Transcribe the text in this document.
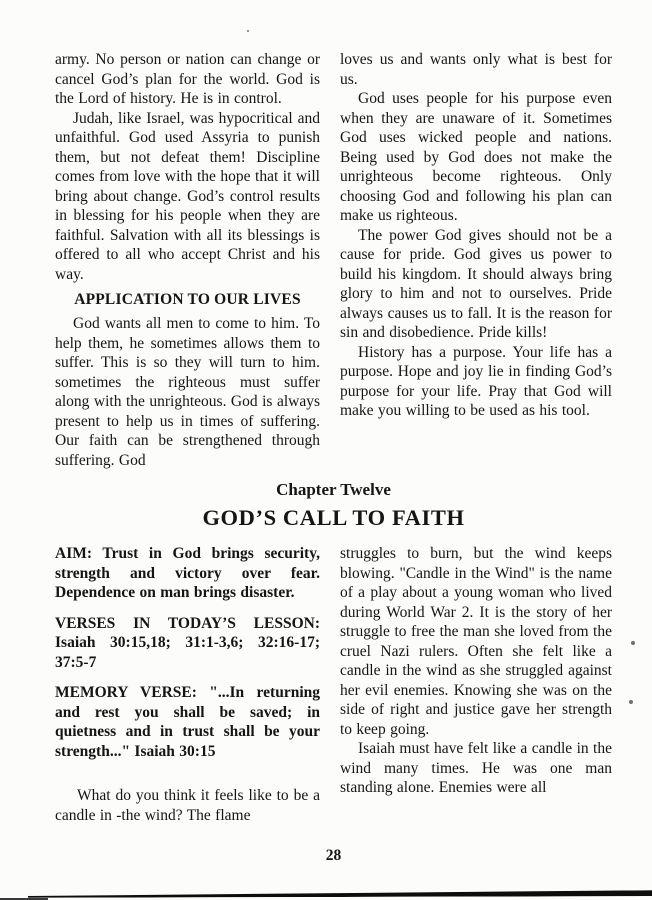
army. No person or nation can change or cancel God’s plan for the world. God is the Lord of history. He is in control.

Judah, like Israel, was hypocritical and unfaithful. God used Assyria to punish them, but not defeat them! Discipline comes from love with the hope that it will bring about change. God’s control results in blessing for his people when they are faithful. Salvation with all its blessings is offered to all who accept Christ and his way.

APPLICATION TO OUR LIVES

God wants all men to come to him. To help them, he sometimes allows them to suffer. This is so they will turn to him. sometimes the righteous must suffer along with the unrighteous. God is always present to help us in times of suffering. Our faith can be strengthened through suffering. God

loves us and wants only what is best for us.

God uses people for his purpose even when they are unaware of it. Sometimes God uses wicked people and nations. Being used by God does not make the unrighteous become righteous. Only choosing God and following his plan can make us righteous.

The power God gives should not be a cause for pride. God gives us power to build his kingdom. It should always bring glory to him and not to ourselves. Pride always causes us to fall. It is the reason for sin and disobedience. Pride kills!

History has a purpose. Your life has a purpose. Hope and joy lie in finding God’s purpose for your life. Pray that God will make you willing to be used as his tool.

Chapter Twelve
GOD’S CALL TO FAITH

AIM: Trust in God brings security, strength and victory over fear. Dependence on man brings disaster.

VERSES IN TODAY’S LESSON: Isaiah 30:15,18; 31:1-3,6; 32:16-17; 37:5-7

MEMORY VERSE: "...In returning and rest you shall be saved; in quietness and in trust shall be your strength..." Isaiah 30:15

What do you think it feels like to be a candle in -the wind? The flame

struggles to burn, but the wind keeps blowing. "Candle in the Wind" is the name of a play about a young woman who lived during World War 2. It is the story of her struggle to free the man she loved from the cruel Nazi rulers. Often she felt like a candle in the wind as she struggled against her evil enemies. Knowing she was on the side of right and justice gave her strength to keep going.

Isaiah must have felt like a candle in the wind many times. He was one man standing alone. Enemies were all

28
